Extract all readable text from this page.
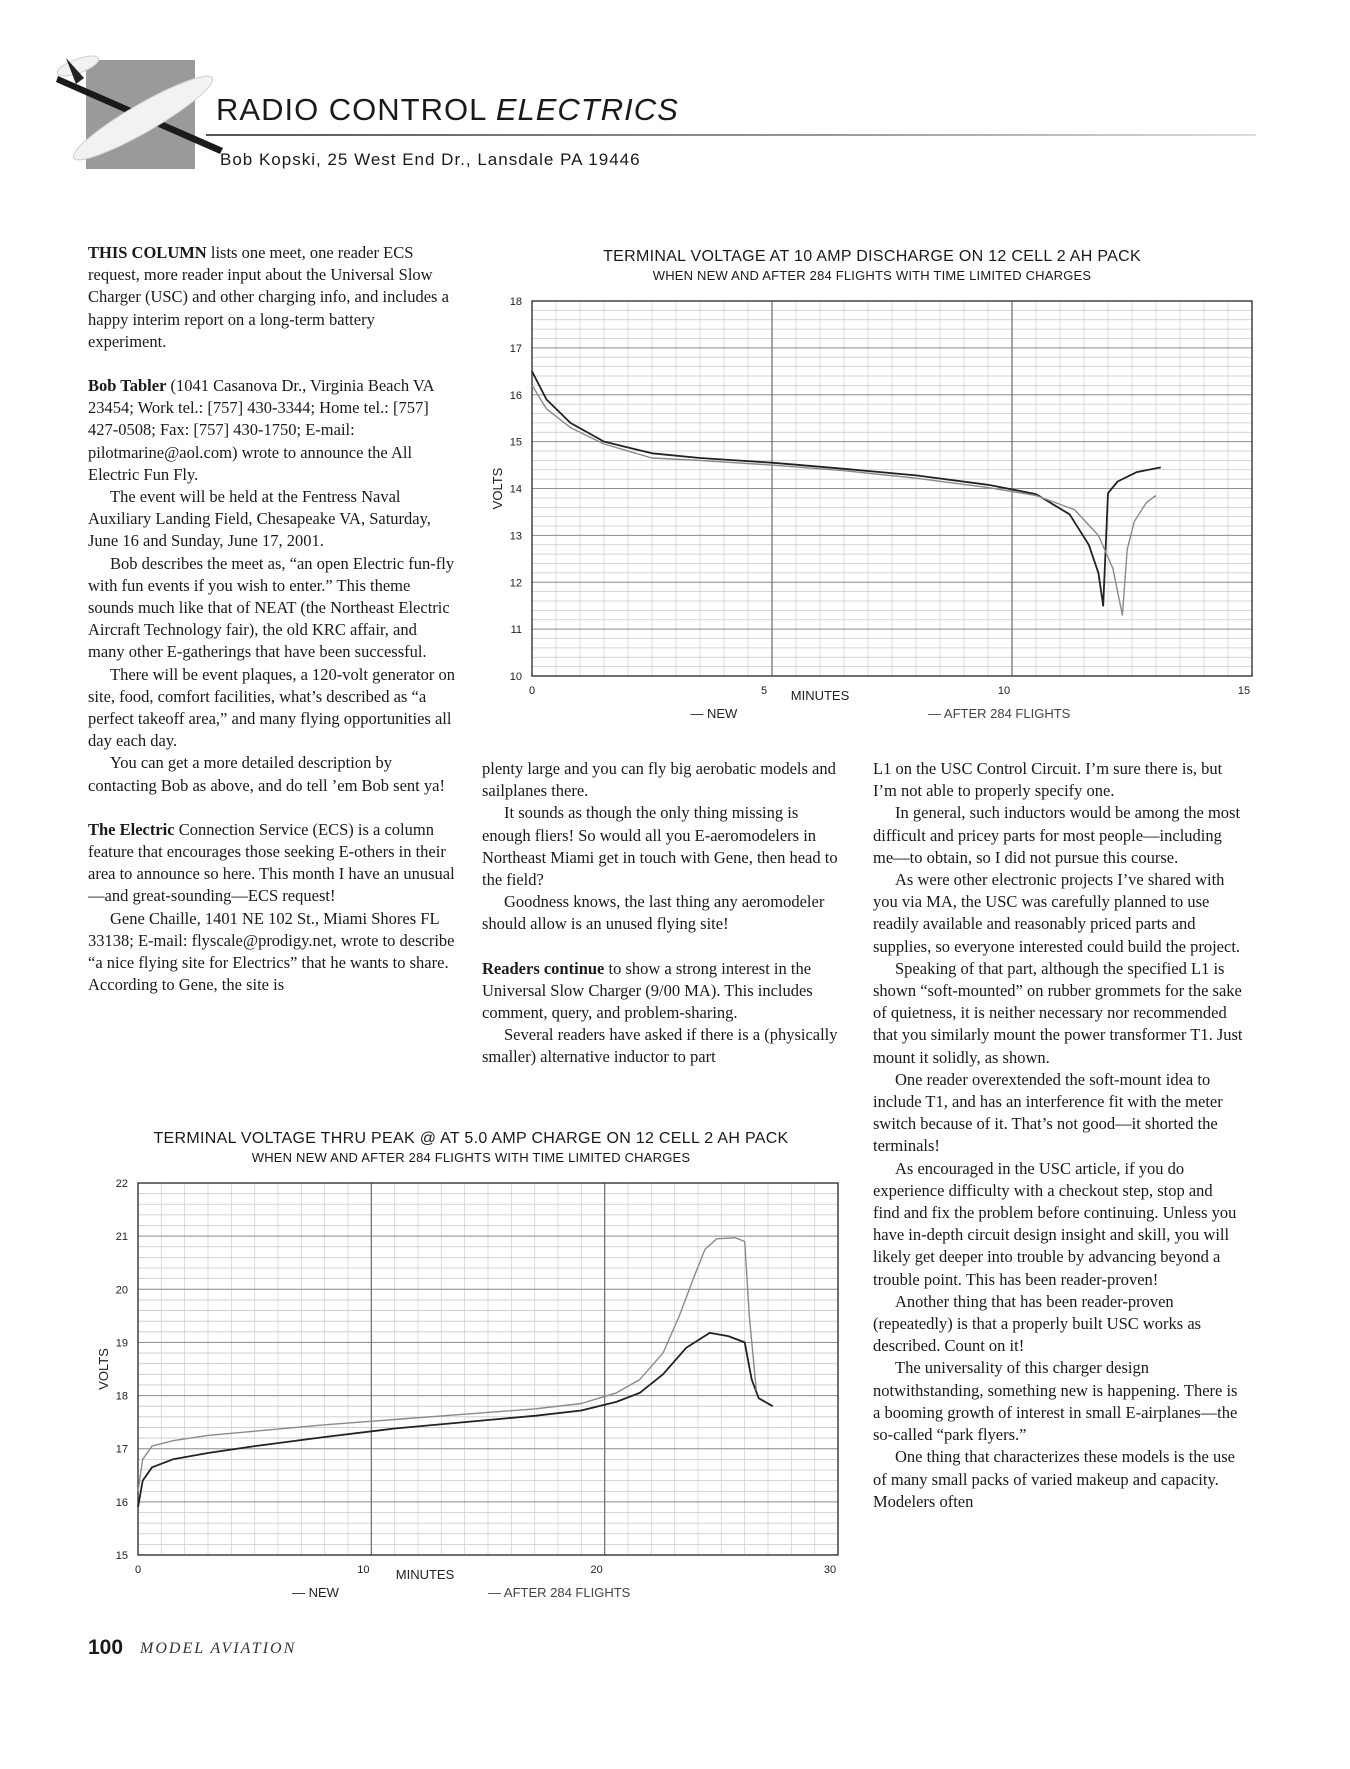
RADIO CONTROL ELECTRICS
Bob Kopski, 25 West End Dr., Lansdale PA 19446

THIS COLUMN lists one meet, one reader ECS request, more reader input about the Universal Slow Charger (USC) and other charging info, and includes a happy interim report on a long-term battery experiment.

Bob Tabler (1041 Casanova Dr., Virginia Beach VA 23454; Work tel.: [757] 430-3344; Home tel.: [757] 427-0508; Fax: [757] 430-1750; E-mail: pilotmarine@aol.com) wrote to announce the All Electric Fun Fly.

The event will be held at the Fentress Naval Auxiliary Landing Field, Chesapeake VA, Saturday, June 16 and Sunday, June 17, 2001.

Bob describes the meet as, “an open Electric fun-fly with fun events if you wish to enter.” This theme sounds much like that of NEAT (the Northeast Electric Aircraft Technology fair), the old KRC affair, and many other E-gatherings that have been successful.

There will be event plaques, a 120-volt generator on site, food, comfort facilities, what’s described as “a perfect takeoff area,” and many flying opportunities all day each day.

You can get a more detailed description by contacting Bob as above, and do tell ’em Bob sent ya!

The Electric Connection Service (ECS) is a column feature that encourages those seeking E-others in their area to announce so here. This month I have an unusual—and great-sounding—ECS request!

Gene Chaille, 1401 NE 102 St., Miami Shores FL 33138; E-mail: flyscale@prodigy.net, wrote to describe “a nice flying site for Electrics” that he wants to share. According to Gene, the site is

plenty large and you can fly big aerobatic models and sailplanes there.

It sounds as though the only thing missing is enough fliers! So would all you E-aeromodelers in Northeast Miami get in touch with Gene, then head to the field?

Goodness knows, the last thing any aeromodeler should allow is an unused flying site!

Readers continue to show a strong interest in the Universal Slow Charger (9/00 MA). This includes comment, query, and problem-sharing.

Several readers have asked if there is a (physically smaller) alternative inductor to part

L1 on the USC Control Circuit. I’m sure there is, but I’m not able to properly specify one.

In general, such inductors would be among the most difficult and pricey parts for most people—including me—to obtain, so I did not pursue this course.

As were other electronic projects I’ve shared with you via MA, the USC was carefully planned to use readily available and reasonably priced parts and supplies, so everyone interested could build the project.

Speaking of that part, although the specified L1 is shown “soft-mounted” on rubber grommets for the sake of quietness, it is neither necessary nor recommended that you similarly mount the power transformer T1. Just mount it solidly, as shown.

One reader overextended the soft-mount idea to include T1, and has an interference fit with the meter switch because of it. That’s not good—it shorted the terminals!

As encouraged in the USC article, if you do experience difficulty with a checkout step, stop and find and fix the problem before continuing. Unless you have in-depth circuit design insight and skill, you will likely get deeper into trouble by advancing beyond a trouble point. This has been reader-proven!

Another thing that has been reader-proven (repeatedly) is that a properly built USC works as described. Count on it!

The universality of this charger design notwithstanding, something new is happening. There is a booming growth of interest in small E-airplanes—the so-called “park flyers.”

One thing that characterizes these models is the use of many small packs of varied makeup and capacity. Modelers often

TERMINAL VOLTAGE AT 10 AMP DISCHARGE ON 12 CELL 2 AH PACK
WHEN NEW AND AFTER 284 FLIGHTS WITH TIME LIMITED CHARGES
10
11
12
13
14
15
16
17
18
0	5	10	15
MINUTES
VOLTS
— NEW	— AFTER 284 FLIGHTS
TERMINAL VOLTAGE THRU PEAK @ AT 5.0 AMP CHARGE ON 12 CELL 2 AH PACK
WHEN NEW AND AFTER 284 FLIGHTS WITH TIME LIMITED CHARGES
15
16
17
18
19
20
21
22
0	10	20	30
MINUTES
VOLTS
— NEW	— AFTER 284 FLIGHTS
100 MODEL AVIATION
